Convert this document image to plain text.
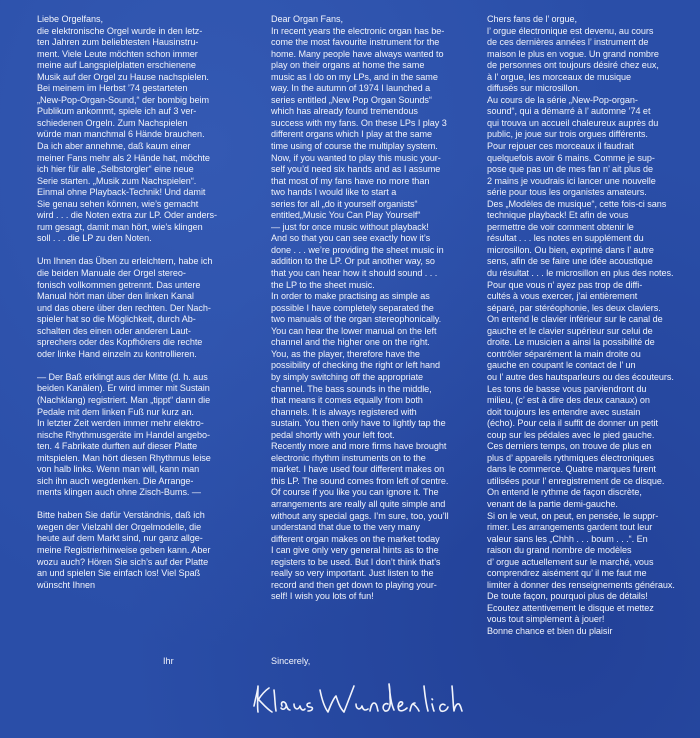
Liebe Orgelfans,
die elektronische Orgel wurde in den letz-
ten Jahren zum beliebtesten Hausinstru-
ment. Viele Leute möchten schon immer
meine auf Langspielplatten erschienene
Musik auf der Orgel zu Hause nachspielen.
Bei meinem im Herbst ’74 gestarteten
„New-Pop-Organ-Sound,“ der bombig beim
Publikum ankommt, spiele ich auf 3 ver-
schiedenen Orgeln. Zum Nachspielen
würde man manchmal 6 Hände brauchen.
Da ich aber annehme, daß kaum einer
meiner Fans mehr als 2 Hände hat, möchte
ich hier für alle „Selbstorgler“ eine neue
Serie starten. „Musik zum Nachspielen“.
Einmal ohne Playback-Technik! Und damit
Sie genau sehen können, wie’s gemacht
wird . . . die Noten extra zur LP. Oder anders-
rum gesagt, damit man hört, wie’s klingen
soll . . . die LP zu den Noten.

Um Ihnen das Üben zu erleichtern, habe ich
die beiden Manuale der Orgel stereo-
fonisch vollkommen getrennt. Das untere
Manual hört man über den linken Kanal
und das obere über den rechten. Der Nach-
spieler hat so die Möglichkeit, durch Ab-
schalten des einen oder anderen Laut-
sprechers oder des Kopfhörers die rechte
oder linke Hand einzeln zu kontrollieren.

— Der Baß erklingt aus der Mitte (d. h. aus
beiden Kanälen). Er wird immer mit Sustain
(Nachklang) registriert. Man „tippt“ dann die
Pedale mit dem linken Fuß nur kurz an.
In letzter Zeit werden immer mehr elektro-
nische Rhythmusgeräte im Handel angebo-
ten. 4 Fabrikate durften auf dieser Platte
mitspielen. Man hört diesen Rhythmus leise
von halb links. Wenn man will, kann man
sich ihn auch wegdenken. Die Arrange-
ments klingen auch ohne Zisch-Bums. —

Bitte haben Sie dafür Verständnis, daß ich
wegen der Vielzahl der Orgelmodelle, die
heute auf dem Markt sind, nur ganz allge-
meine Registrierhinweise geben kann. Aber
wozu auch? Hören Sie sich’s auf der Platte
an und spielen Sie einfach los! Viel Spaß
wünscht Ihnen

Dear Organ Fans,
In recent years the electronic organ has be-
come the most favourite instrument for the
home. Many people have always wanted to
play on their organs at home the same
music as I do on my LPs, and in the same
way. In the autumn of 1974 I launched a
series entitled „New Pop Organ Sounds“
which has already found tremendous
success with my fans. On these LPs I play 3
different organs which I play at the same
time using of course the multiplay system.
Now, if you wanted to play this music your-
self you’d need six hands and as I assume
that most of my fans have no more than
two hands I would like to start a
series for all „do it yourself organists“
entitled„Music You Can Play Yourself“
— just for once music without playback!
And so that you can see exactly how it’s
done . . . we’re providing the sheet music in
addition to the LP. Or put another way, so
that you can hear how it should sound . . .
the LP to the sheet music.
In order to make practising as simple as
possible I have completely separated the
two manuals of the organ stereophonically.
You can hear the lower manual on the left
channel and the higher one on the right.
You, as the player, therefore have the
possibility of checking the right or left hand
by simply switching off the appropriate
channel. The bass sounds in the middle,
that means it comes equally from both
channels. It is always registered with
sustain. You then only have to lightly tap the
pedal shortly with your left foot.
Recently more and more firms have brought
electronic rhythm instruments on to the
market. I have used four different makes on
this LP. The sound comes from left of centre.
Of course if you like you can ignore it. The
arrangements are really all quite simple and
without any special gags. I’m sure, too, you’ll
understand that due to the very many
different organ makes on the market today
I can give only very general hints as to the
registers to be used. But I don’t think that’s
really so very important. Just listen to the
record and then get down to playing your-
self! I wish you lots of fun!

Chers fans de l’ orgue,
l’ orgue électronique est devenu, au cours
de ces dernières années l’ instrument de
maison le plus en vogue. Un grand nombre
de personnes ont toujours désiré chez eux,
à l’ orgue, les morceaux de musique
diffusés sur microsillon.
Au cours de la série „New-Pop-organ-
sound“, qui a démarré à l’ automne ’74 et
qui trouva un accueil chaleureux auprès du
public, je joue sur trois orgues différents.
Pour rejouer ces morceaux il faudrait
quelquefois avoir 6 mains. Comme je sup-
pose que pas un de mes fan n’ ait plus de
2 mains je voudrais ici lancer une nouvelle
série pour tous les organistes amateurs.
Des „Modèles de musique“, cette fois-ci sans
technique playback! Et afin de vous
permettre de voir comment obtenir le
résultat . . . les notes en supplément du
microsillon. Ou bien, exprimé dans l’ autre
sens, afin de se faire une idée acoustique
du résultat . . . le microsillon en plus des notes.
Pour que vous n’ ayez pas trop de diffi-
cultés à vous exercer, j’ai entièrement
séparé, par stéréophonie, les deux claviers.
On entend le clavier inférieur sur le canal de
gauche et le clavier supérieur sur celui de
droite. Le musicien a ainsi la possibilité de
contrôler séparément la main droite ou
gauche en coupant le contact de l’ un
ou l’ autre des hautsparleurs ou des écouteurs.
Les tons de basse vous parviendront du
milieu, (c’ est à dire des deux canaux) on
doit toujours les entendre avec sustain
(écho). Pour cela il suffit de donner un petit
coup sur les pédales avec le pied gauche.
Ces derniers temps, on trouve de plus en
plus d’ appareils rythmiques électroniques
dans le commerce. Quatre marques furent
utilisées pour l’ enregistrement de ce disque.
On entend le rythme de façon discrète,
venant de la partie demi-gauche.
Si on le veut, on peut, en pensée, le suppr-
rimer. Les arrangements gardent tout leur
valeur sans les „Chhh . . . boum . . .“. En
raison du grand nombre de modèles
d’ orgue actuellement sur le marché, vous
comprendrez aisément qu’ il me faut me
limiter à donner des renseignements généraux.
De toute façon, pourquoi plus de détails!
Ecoutez attentivement le disque et mettez
vous tout simplement à jouer!
Bonne chance et bien du plaisir

Ihr	Sincerely,
